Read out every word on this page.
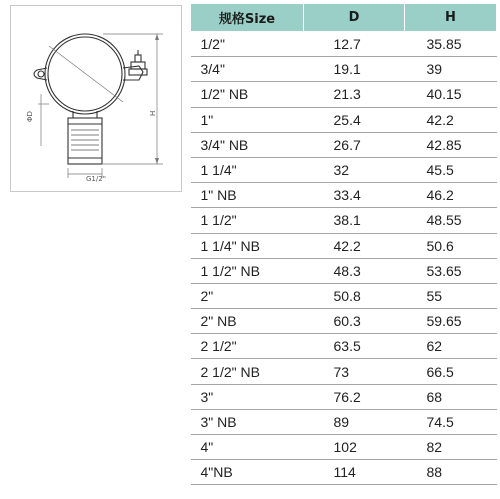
ΦD	H
G1/2"
规格Size	D	H
1/2"	12.7	35.85
3/4"	19.1	39
1/2" NB	21.3	40.15
1"	25.4	42.2
3/4" NB	26.7	42.85
1 1/4"	32	45.5
1" NB	33.4	46.2
1 1/2"	38.1	48.55
1 1/4" NB	42.2	50.6
1 1/2" NB	48.3	53.65
2"	50.8	55
2" NB	60.3	59.65
2 1/2"	63.5	62
2 1/2" NB	73	66.5
3"	76.2	68
3" NB	89	74.5
4"	102	82
4"NB	114	88
